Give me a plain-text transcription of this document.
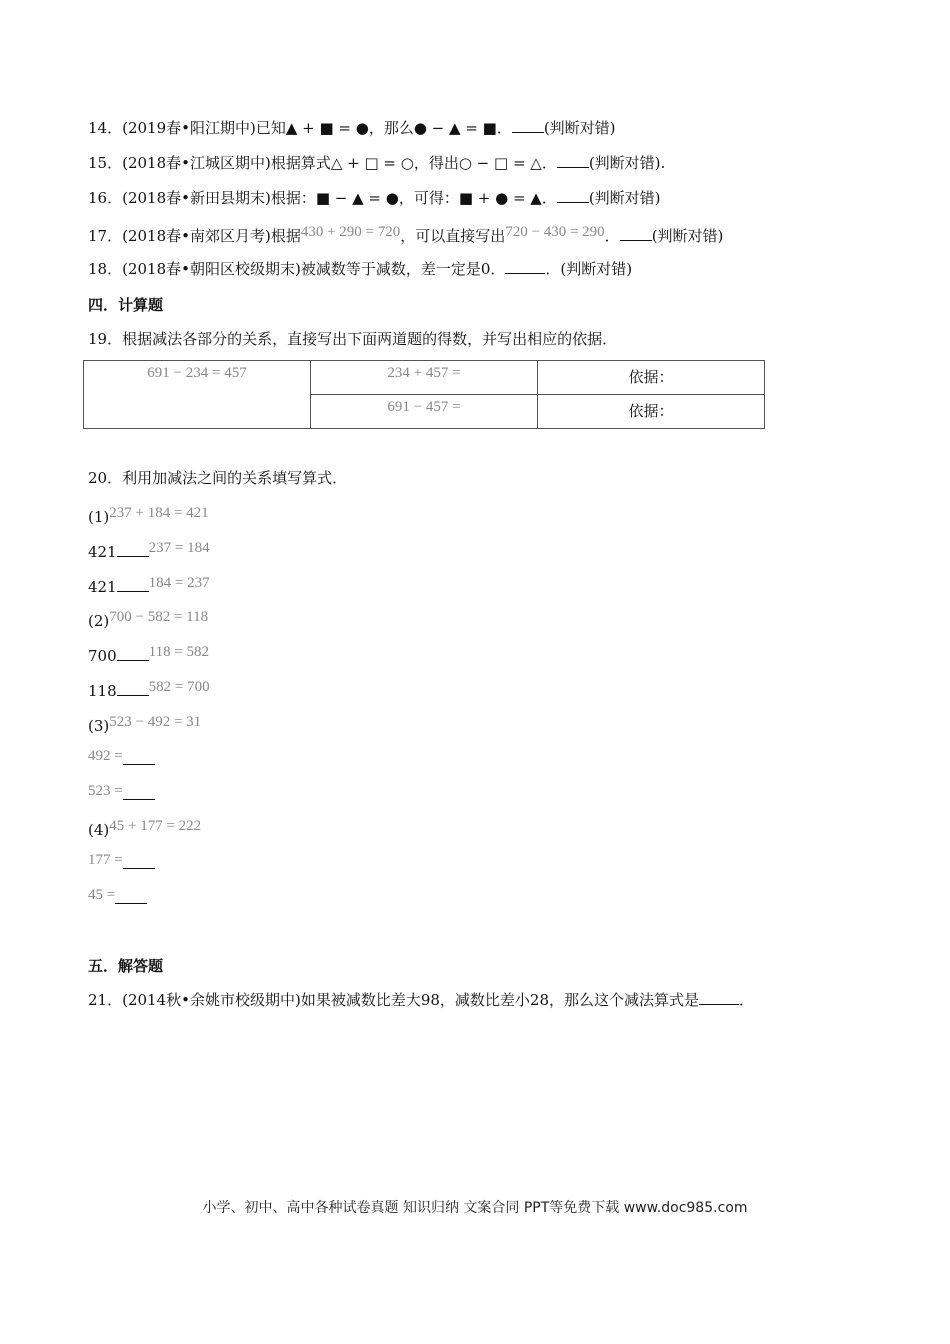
14．(2019春•阳江期中)已知▲ + ■ = ●，那么● − ▲ = ■． (判断对错)
15．(2018春•江城区期中)根据算式△ + □ = ○，得出○ − □ = △． (判断对错).
16．(2018春•新田县期末)根据：■ − ▲ = ●，可得：■ + ● = ▲． (判断对错)
17．(2018春•南郊区月考)根据430 + 290 = 720，可以直接写出720 − 430 = 290． (判断对错)
18．(2018春•朝阳区校级期末)被减数等于减数，差一定是0．	．(判断对错)
四．计算题
19．根据减法各部分的关系，直接写出下面两道题的得数，并写出相应的依据．
691 − 234 = 457	234 + 457 =	依据：
	691 − 457 =	依据：
20．利用加减法之间的关系填写算式．
(1)237 + 184 = 421
421 237 = 184
421 184 = 237
(2)700 − 582 = 118
700 118 = 582
118 582 = 700
(3)523 − 492 = 31
492 =
523 =
(4)45 + 177 = 222
177 =
45 =
五．解答题
21．(2014秋•余姚市校级期中)如果被减数比差大98，减数比差小28，那么这个减法算式是	．
小学、初中、高中各种试卷真题 知识归纳 文案合同 PPT等免费下载 www.doc985.com
